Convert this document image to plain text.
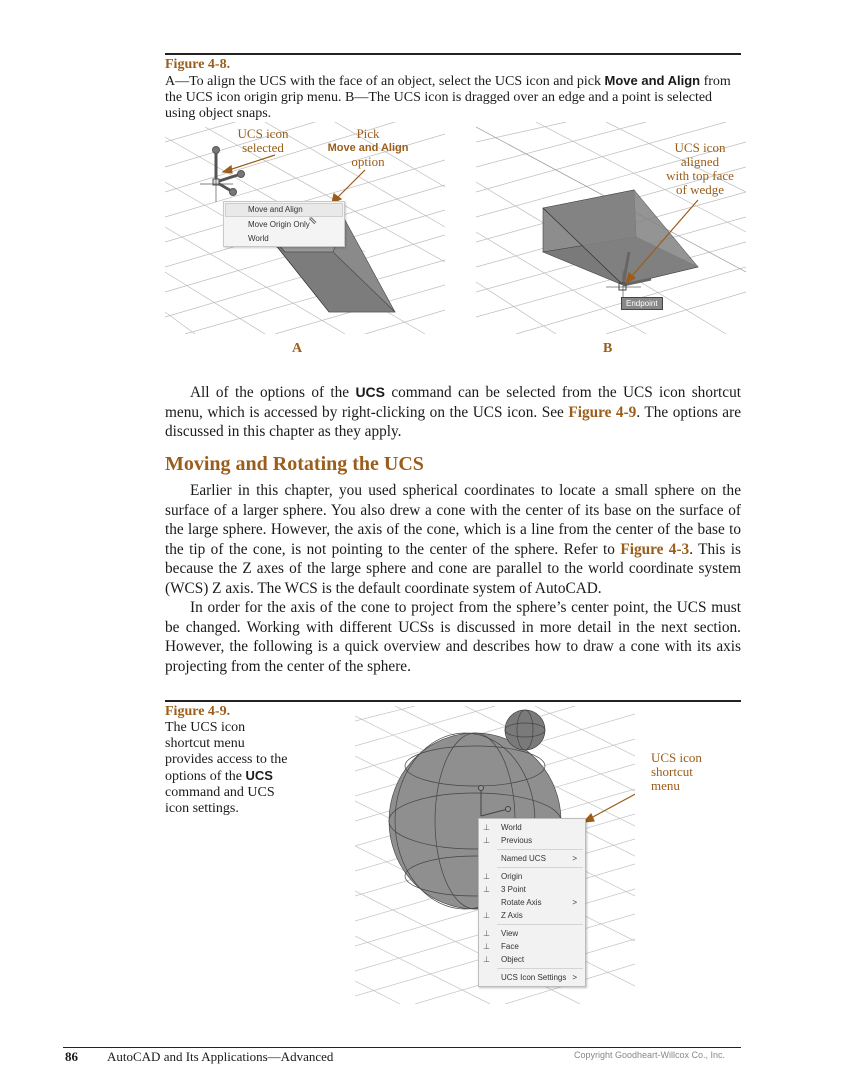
Figure 4-8.
A—To align the UCS with the face of an object, select the UCS icon and pick Move and Align from the UCS icon origin grip menu. B—The UCS icon is dragged over an edge and a point is selected using object snaps.
UCS icon
selected
Pick
Move and Align
option
Move and Align
Move Origin Only
World
⇖
A
Endpoint
UCS icon
aligned
with top face
of wedge
B

All of the options of the UCS command can be selected from the UCS icon shortcut menu, which is accessed by right-clicking on the UCS icon. See Figure 4-9. The options are discussed in this chapter as they apply.

Moving and Rotating the UCS

Earlier in this chapter, you used spherical coordinates to locate a small sphere on the surface of a larger sphere. You also drew a cone with the center of its base on the surface of the large sphere. However, the axis of the cone, which is a line from the center of the base to the tip of the cone, is not pointing to the center of the sphere. Refer to Figure 4-3. This is because the Z axes of the large sphere and cone are parallel to the world coordinate system (WCS) Z axis. The WCS is the default coordinate system of AutoCAD.

In order for the axis of the cone to project from the sphere’s center point, the UCS must be changed. Working with different UCSs is discussed in more detail in the next section. However, the following is a quick overview and describes how to draw a cone with its axis projecting from the center of the sphere.

Figure 4-9.
The UCS icon shortcut menu provides access to the options of the UCS command and UCS icon settings.
⊥	World
⊥	Previous
Named UCS	>
⊥	Origin
⊥	3 Point
Rotate Axis	>
⊥	Z Axis
⊥	View
⊥	Face
⊥	Object
UCS Icon Settings >
UCS icon
shortcut
menu
86 AutoCAD and Its Applications—Advanced	Copyright Goodheart-Willcox Co., Inc.
